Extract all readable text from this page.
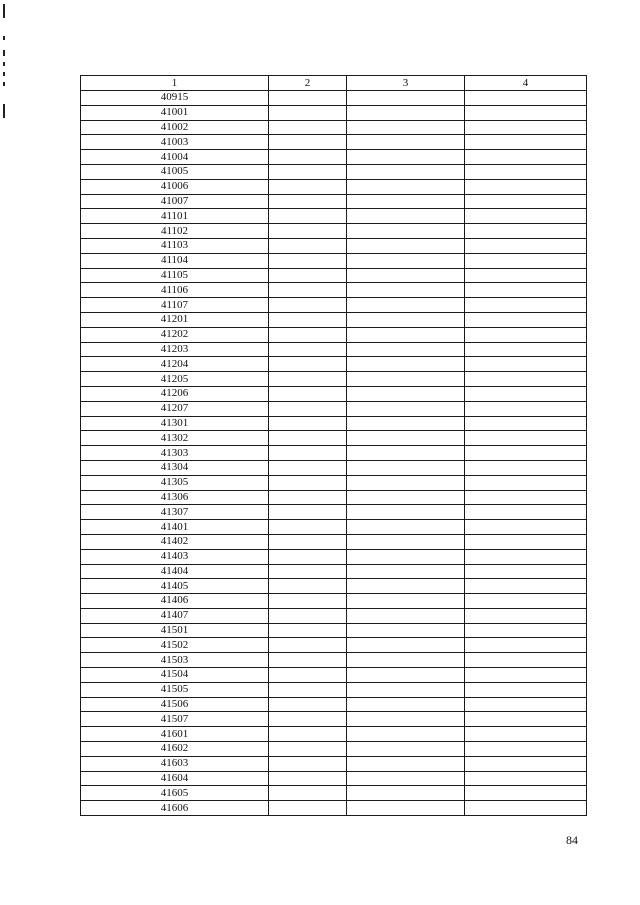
1	2	3	4
40915			
41001			
41002			
41003			
41004			
41005			
41006			
41007			
41101			
41102			
41103			
41104			
41105			
41106			
41107			
41201			
41202			
41203			
41204			
41205			
41206			
41207			
41301			
41302			
41303			
41304			
41305			
41306			
41307			
41401			
41402			
41403			
41404			
41405			
41406			
41407			
41501			
41502			
41503			
41504			
41505			
41506			
41507			
41601			
41602			
41603			
41604			
41605			
41606			
84
